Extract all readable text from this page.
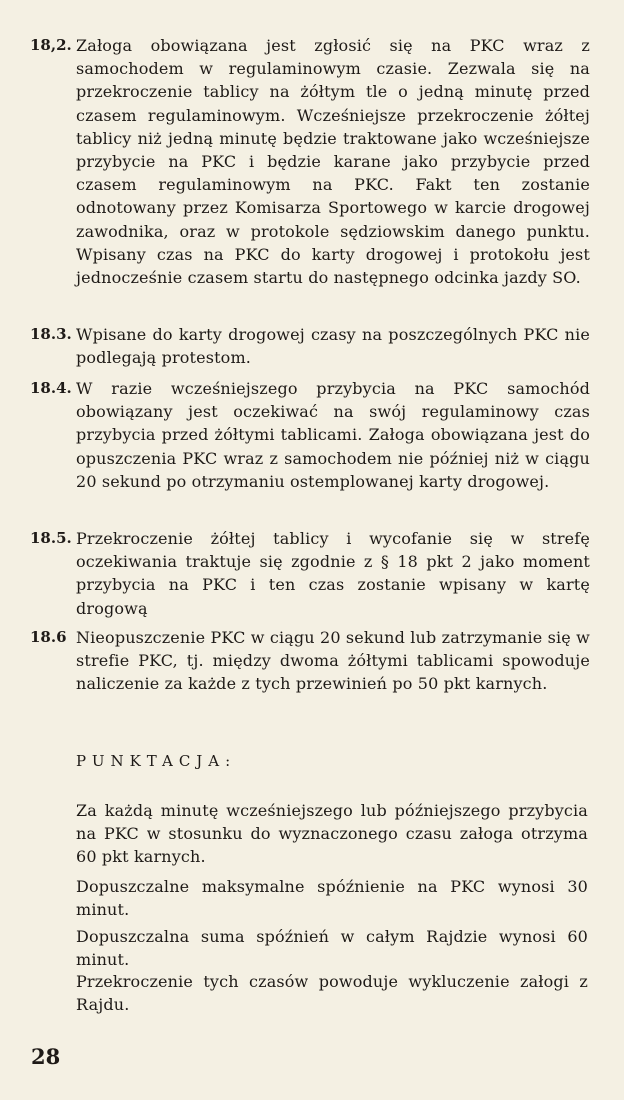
18,2. Załoga obowiązana jest zgłosić się na PKC wraz z samochodem w regulaminowym czasie. Zezwala się na przekroczenie tablicy na żółtym tle o jedną minutę przed czasem regulaminowym. Wcześniejsze przekroczenie żółtej tablicy niż jedną minutę będzie traktowane jako wcześniejsze przybycie na PKC i będzie karane jako przybycie przed czasem regulaminowym na PKC. Fakt ten zostanie odnotowany przez Komisarza Sportowego w karcie drogowej zawodnika, oraz w protokole sędziowskim danego punktu. Wpisany czas na PKC do karty drogowej i protokołu jest jednocześnie czasem startu do następnego odcinka jazdy SO.
18.3. Wpisane do karty drogowej czasy na poszczególnych PKC nie podlegają protestom.
18.4. W razie wcześniejszego przybycia na PKC samochód obowiązany jest oczekiwać na swój regulaminowy czas przybycia przed żółtymi tablicami. Załoga obowiązana jest do opuszczenia PKC wraz z samochodem nie później niż w ciągu 20 sekund po otrzymaniu ostemplowanej karty drogowej.
18.5. Przekroczenie żółtej tablicy i wycofanie się w strefę oczekiwania traktuje się zgodnie z § 18 pkt 2 jako moment przybycia na PKC i ten czas zostanie wpisany w kartę drogową
18.6 Nieopuszczenie PKC w ciągu 20 sekund lub zatrzymanie się w strefie PKC, tj. między dwoma żółtymi tablicami spowoduje naliczenie za każde z tych przewinień po 50 pkt karnych.
PUNKTACJA:
Za każdą minutę wcześniejszego lub późniejszego przybycia na PKC w stosunku do wyznaczonego czasu załoga otrzyma 60 pkt karnych.
Dopuszczalne maksymalne spóźnienie na PKC wynosi 30 minut.
Dopuszczalna suma spóźnień w całym Rajdzie wynosi 60 minut.
Przekroczenie tych czasów powoduje wykluczenie załogi z Rajdu.
28
